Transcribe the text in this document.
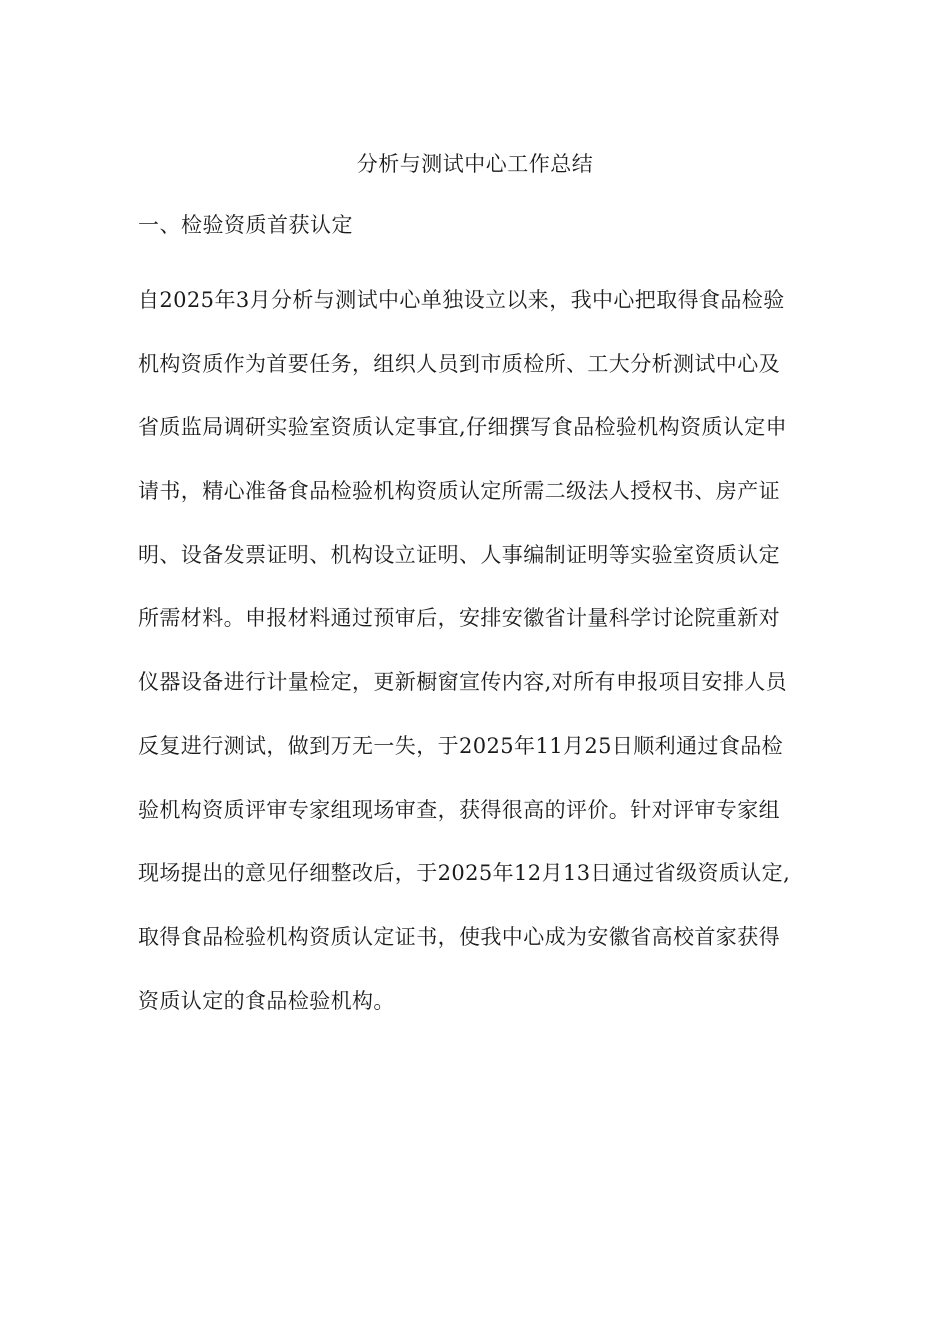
分析与测试中心工作总结
一、检验资质首获认定
自2025年3月分析与测试中心单独设立以来，我中心把取得食品检验
机构资质作为首要任务，组织人员到市质检所、工大分析测试中心及
省质监局调研实验室资质认定事宜,仔细撰写食品检验机构资质认定申
请书，精心准备食品检验机构资质认定所需二级法人授权书、房产证
明、设备发票证明、机构设立证明、人事编制证明等实验室资质认定
所需材料。申报材料通过预审后，安排安徽省计量科学讨论院重新对
仪器设备进行计量检定，更新橱窗宣传内容,对所有申报项目安排人员
反复进行测试，做到万无一失，于2025年11月25日顺利通过食品检
验机构资质评审专家组现场审查，获得很高的评价。针对评审专家组
现场提出的意见仔细整改后，于2025年12月13日通过省级资质认定,
取得食品检验机构资质认定证书，使我中心成为安徽省高校首家获得
资质认定的食品检验机构。
